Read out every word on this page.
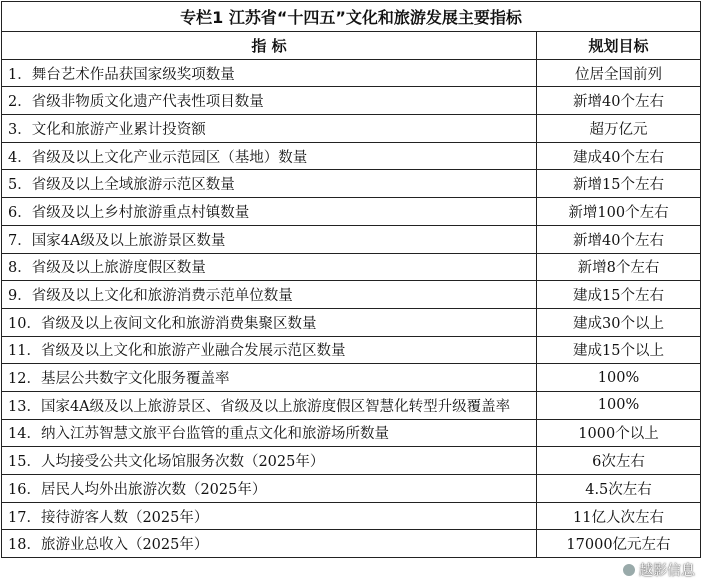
专栏1 江苏省“十四五”文化和旅游发展主要指标	
指 标	规划目标
1．舞台艺术作品获国家级奖项数量	位居全国前列
2．省级非物质文化遗产代表性项目数量	新增40个左右
3．文化和旅游产业累计投资额	超万亿元
4．省级及以上文化产业示范园区（基地）数量	建成40个左右
5．省级及以上全域旅游示范区数量	新增15个左右
6．省级及以上乡村旅游重点村镇数量	新增100个左右
7．国家4A级及以上旅游景区数量	新增40个左右
8．省级及以上旅游度假区数量	新增8个左右
9．省级及以上文化和旅游消费示范单位数量	建成15个左右
10．省级及以上夜间文化和旅游消费集聚区数量	建成30个以上
11．省级及以上文化和旅游产业融合发展示范区数量	建成15个以上
12．基层公共数字文化服务覆盖率	100%
13．国家4A级及以上旅游景区、省级及以上旅游度假区智慧化转型升级覆盖率	100%
14．纳入江苏智慧文旅平台监管的重点文化和旅游场所数量	1000个以上
15．人均接受公共文化场馆服务次数（2025年）	6次左右
16．居民人均外出旅游次数（2025年）	4.5次左右
17．接待游客人数（2025年）	11亿人次左右
18．旅游业总收入（2025年）	17000亿元左右
越影信息
